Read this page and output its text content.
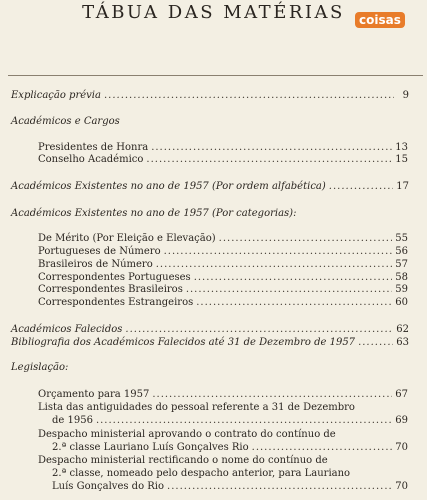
TÁBUA DAS MATÉRIAS	coisas
Explicação prévia .....	9
Académicos e Cargos
Presidentes de Honra .....	13
Conselho Académico .....	15
Académicos Existentes no ano de 1957 (Por ordem alfabética) .....	17
Académicos Existentes no ano de 1957 (Por categorias):
De Mérito (Por Eleição e Elevação) .....	55
Portugueses de Número .....	56
Brasileiros de Número .....	57
Correspondentes Portugueses .....	58
Correspondentes Brasileiros .....	59
Correspondentes Estrangeiros .....	60
Académicos Falecidos .....	62
Bibliografia dos Académicos Falecidos até 31 de Dezembro de 1957 .....	63
Legislação:
Orçamento para 1957 .....	67
Lista das antiguidades do pessoal referente a 31 de Dezembro
de 1956 .....	69
Despacho ministerial aprovando o contrato do contínuo de
2.ª classe Lauriano Luís Gonçalves Rio .....	70
Despacho ministerial rectificando o nome do contínuo de
2.ª classe, nomeado pelo despacho anterior, para Lauriano
Luís Gonçalves do Rio .....	70
